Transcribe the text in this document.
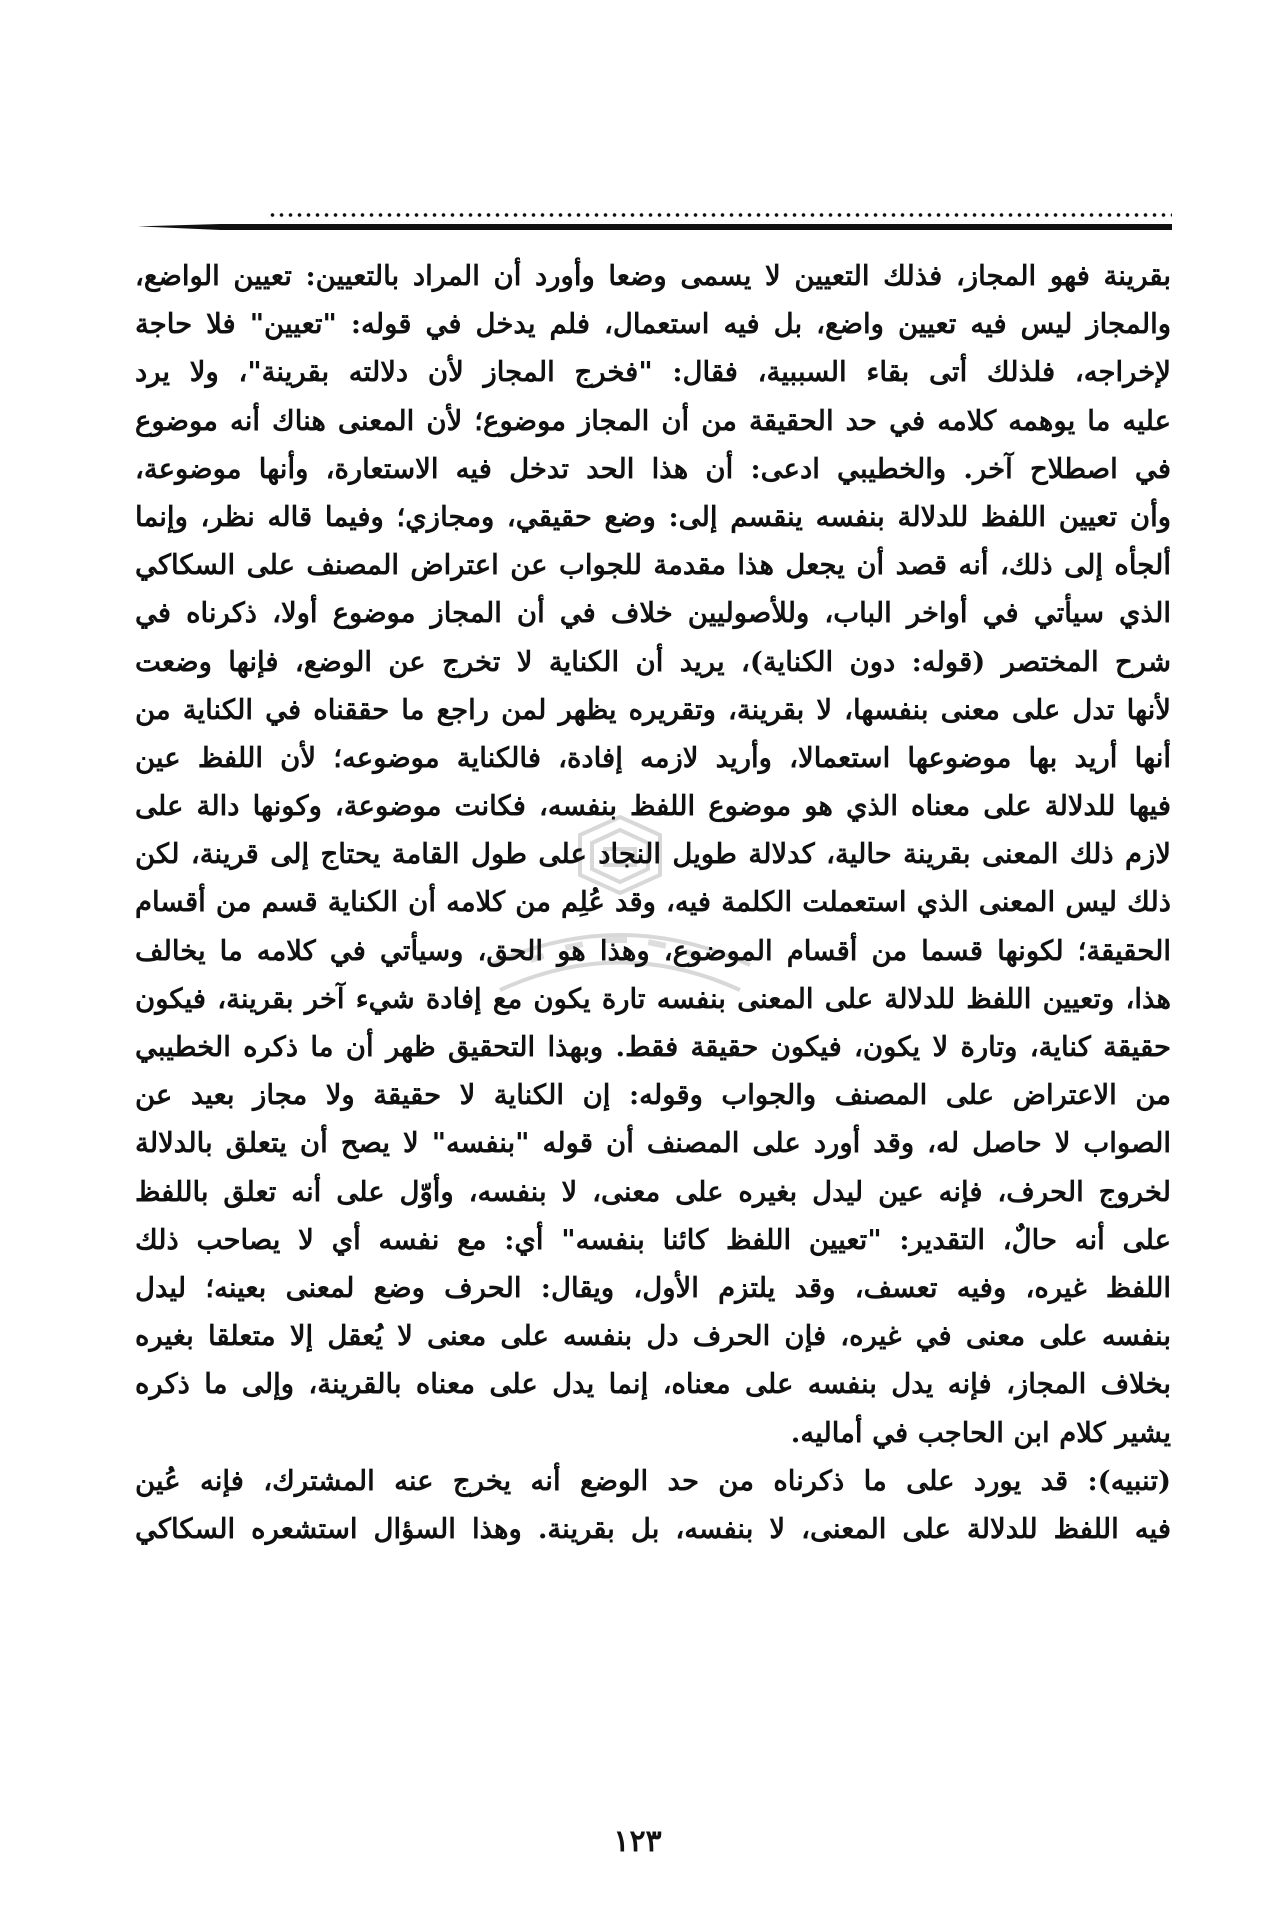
بقرينة فهو المجاز، فذلك التعيين لا يسمى وضعا وأورد أن المراد بالتعيين: تعيين الواضع،
والمجاز ليس فيه تعيين واضع، بل فيه استعمال، فلم يدخل في قوله: "تعيين" فلا حاجة
لإخراجه، فلذلك أتى بقاء السببية، فقال: "فخرج المجاز لأن دلالته بقرينة"، ولا يرد
عليه ما يوهمه كلامه في حد الحقيقة من أن المجاز موضوع؛ لأن المعنى هناك أنه موضوع
في اصطلاح آخر. والخطيبي ادعى: أن هذا الحد تدخل فيه الاستعارة، وأنها موضوعة،
وأن تعيين اللفظ للدلالة بنفسه ينقسم إلى: وضع حقيقي، ومجازي؛ وفيما قاله نظر، وإنما
ألجأه إلى ذلك، أنه قصد أن يجعل هذا مقدمة للجواب عن اعتراض المصنف على السكاكي
الذي سيأتي في أواخر الباب، وللأصوليين خلاف في أن المجاز موضوع أولا، ذكرناه في
شرح المختصر (قوله: دون الكناية)، يريد أن الكناية لا تخرج عن الوضع، فإنها وضعت
لأنها تدل على معنى بنفسها، لا بقرينة، وتقريره يظهر لمن راجع ما حققناه في الكناية من
أنها أريد بها موضوعها استعمالا، وأريد لازمه إفادة، فالكناية موضوعه؛ لأن اللفظ عين
فيها للدلالة على معناه الذي هو موضوع اللفظ بنفسه، فكانت موضوعة، وكونها دالة على
لازم ذلك المعنى بقرينة حالية، كدلالة طويل النجاد على طول القامة يحتاج إلى قرينة، لكن
ذلك ليس المعنى الذي استعملت الكلمة فيه، وقد عُلِم من كلامه أن الكناية قسم من أقسام
الحقيقة؛ لكونها قسما من أقسام الموضوع، وهذا هو الحق، وسيأتي في كلامه ما يخالف
هذا، وتعيين اللفظ للدلالة على المعنى بنفسه تارة يكون مع إفادة شيء آخر بقرينة، فيكون
حقيقة كناية، وتارة لا يكون، فيكون حقيقة فقط. وبهذا التحقيق ظهر أن ما ذكره الخطيبي
من الاعتراض على المصنف والجواب وقوله: إن الكناية لا حقيقة ولا مجاز بعيد عن
الصواب لا حاصل له، وقد أورد على المصنف أن قوله "بنفسه" لا يصح أن يتعلق بالدلالة
لخروج الحرف، فإنه عين ليدل بغيره على معنى، لا بنفسه، وأوّل على أنه تعلق باللفظ
على أنه حالٌ، التقدير: "تعيين اللفظ كائنا بنفسه" أي: مع نفسه أي لا يصاحب ذلك
اللفظ غيره، وفيه تعسف، وقد يلتزم الأول، ويقال: الحرف وضع لمعنى بعينه؛ ليدل
بنفسه على معنى في غيره، فإن الحرف دل بنفسه على معنى لا يُعقل إلا متعلقا بغيره
بخلاف المجاز، فإنه يدل بنفسه على معناه، إنما يدل على معناه بالقرينة، وإلى ما ذكره
يشير كلام ابن الحاجب في أماليه.
(تنبيه): قد يورد على ما ذكرناه من حد الوضع أنه يخرج عنه المشترك، فإنه عُين
فيه اللفظ للدلالة على المعنى، لا بنفسه، بل بقرينة. وهذا السؤال استشعره السكاكي
١٢٣
